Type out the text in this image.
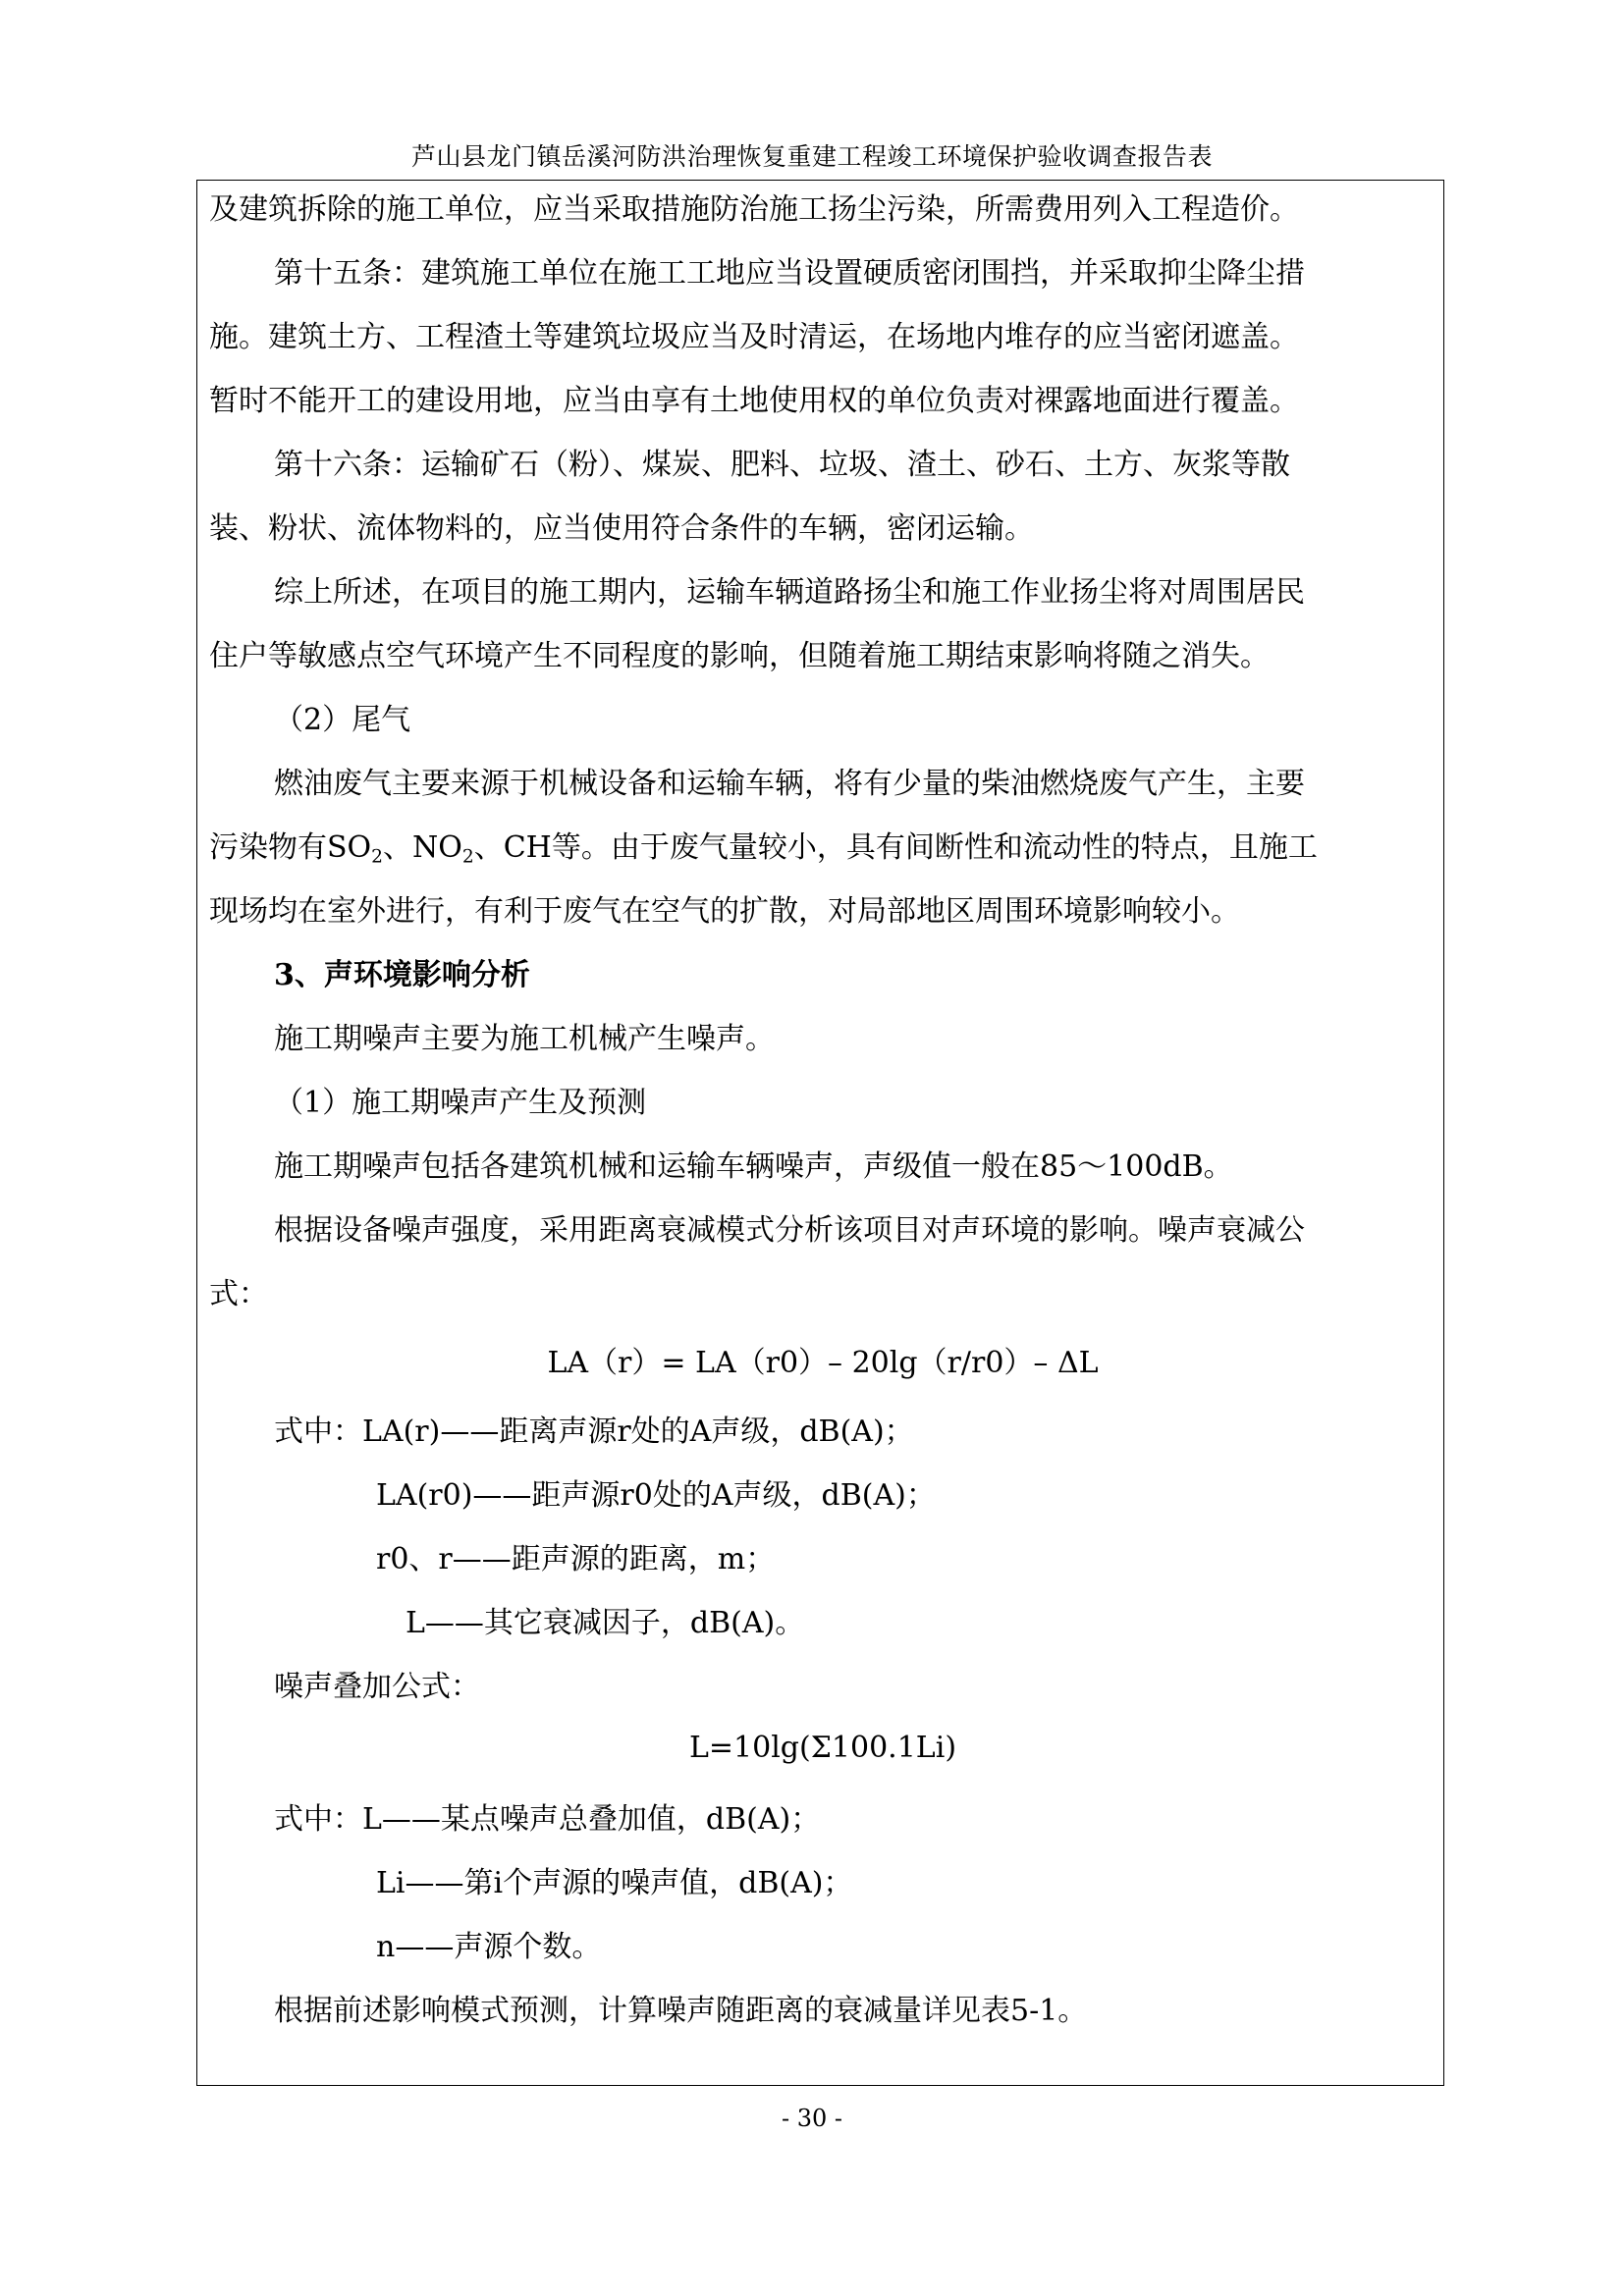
芦山县龙门镇岳溪河防洪治理恢复重建工程竣工环境保护验收调查报告表
及建筑拆除的施工单位，应当采取措施防治施工扬尘污染，所需费用列入工程造价。
第十五条：建筑施工单位在施工工地应当设置硬质密闭围挡，并采取抑尘降尘措
施。建筑土方、工程渣土等建筑垃圾应当及时清运，在场地内堆存的应当密闭遮盖。
暂时不能开工的建设用地，应当由享有土地使用权的单位负责对裸露地面进行覆盖。
第十六条：运输矿石（粉）、煤炭、肥料、垃圾、渣土、砂石、土方、灰浆等散
装、粉状、流体物料的，应当使用符合条件的车辆，密闭运输。
综上所述，在项目的施工期内，运输车辆道路扬尘和施工作业扬尘将对周围居民
住户等敏感点空气环境产生不同程度的影响，但随着施工期结束影响将随之消失。
（2）尾气
燃油废气主要来源于机械设备和运输车辆，将有少量的柴油燃烧废气产生，主要
污染物有$SO_2$、$NO_2$、CH等。由于废气量较小，具有间断性和流动性的特点，且施工
现场均在室外进行，有利于废气在空气的扩散，对局部地区周围环境影响较小。
3、声环境影响分析
施工期噪声主要为施工机械产生噪声。
（1）施工期噪声产生及预测
施工期噪声包括各建筑机械和运输车辆噪声，声级值一般在85～100dB。
根据设备噪声强度，采用距离衰减模式分析该项目对声环境的影响。噪声衰减公
式：
LA（r）= LA（r0）– 20lg（r/r0）– ΔL
式中：LA(r)——距离声源r处的A声级，dB(A)；
LA(r0)——距声源r0处的A声级，dB(A)；
r0、r——距声源的距离，m；
L——其它衰减因子，dB(A)。
噪声叠加公式：
L=10lg(Σ100.1Li)
式中：L——某点噪声总叠加值，dB(A)；
Li——第i个声源的噪声值，dB(A)；
n——声源个数。
根据前述影响模式预测，计算噪声随距离的衰减量详见表5-1。
- 30 -
